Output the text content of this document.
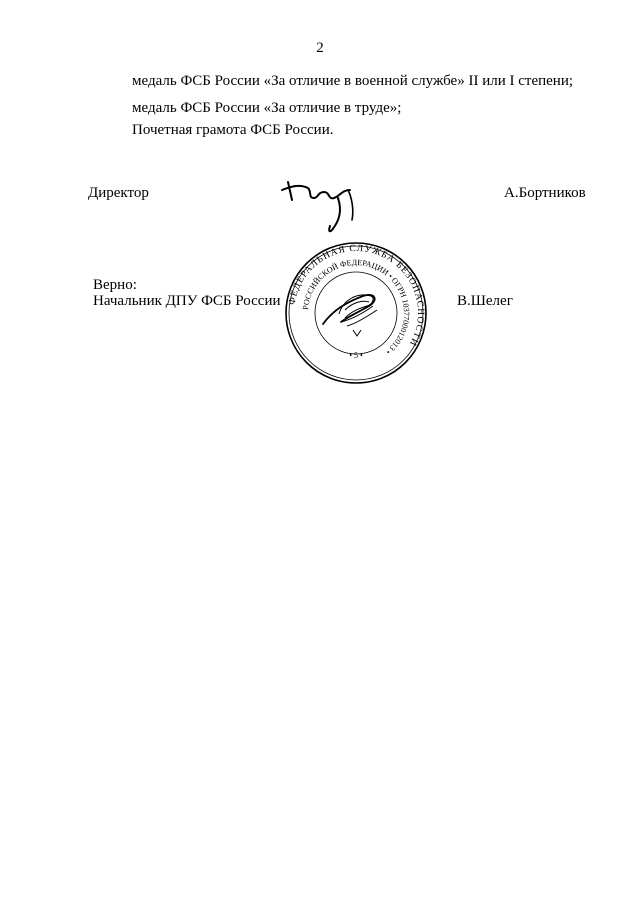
2
медаль ФСБ России «За отличие в военной службе» II или I степени;
медаль ФСБ России «За отличие в труде»;
Почетная грамота ФСБ России.
Директор	А.Бортников
Верно:
Начальник ДПУ ФСБ России	В.Шелег
ФЕДЕРАЛЬНАЯ СЛУЖБА БЕЗОПАСНОСТИ
РОССИЙСКОЙ ФЕДЕРАЦИИ • ОГРН 1037700012013 •
• 5 •
